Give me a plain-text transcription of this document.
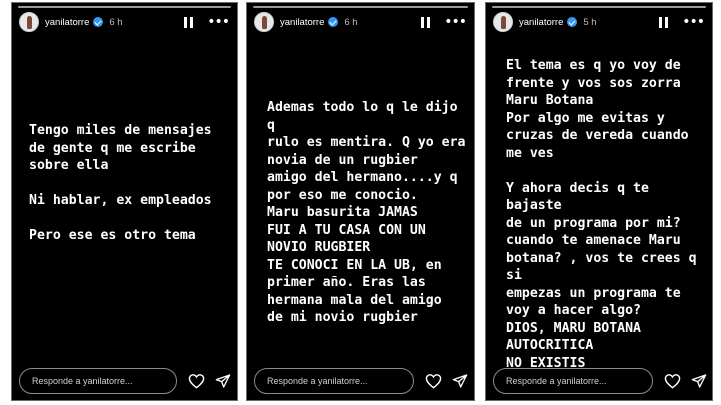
yanilatorre 6 h	•••
Tengo miles de mensajes
de gente q me escribe
sobre ella

Ni hablar, ex empleados

Pero ese es otro tema
Responde a yanilatorre...
yanilatorre 6 h	•••
Ademas todo lo q le dijo q
rulo es mentira. Q yo era
novia de un rugbier
amigo del hermano....y q
por eso me conocio.
Maru basurita JAMAS
FUI A TU CASA CON UN
NOVIO RUGBIER
TE CONOCI EN LA UB, en
primer año. Eras las
hermana mala del amigo
de mi novio rugbier
Responde a yanilatorre...
yanilatorre 5 h	•••
El tema es q yo voy de
frente y vos sos zorra
Maru Botana
Por algo me evitas y
cruzas de vereda cuando
me ves

Y ahora decis q te bajaste
de un programa por mi?
cuando te amenace Maru
botana? , vos te crees q si
empezas un programa te
voy a hacer algo?
DIOS, MARU BOTANA
AUTOCRITICA
NO EXISTIS
Responde a yanilatorre...
